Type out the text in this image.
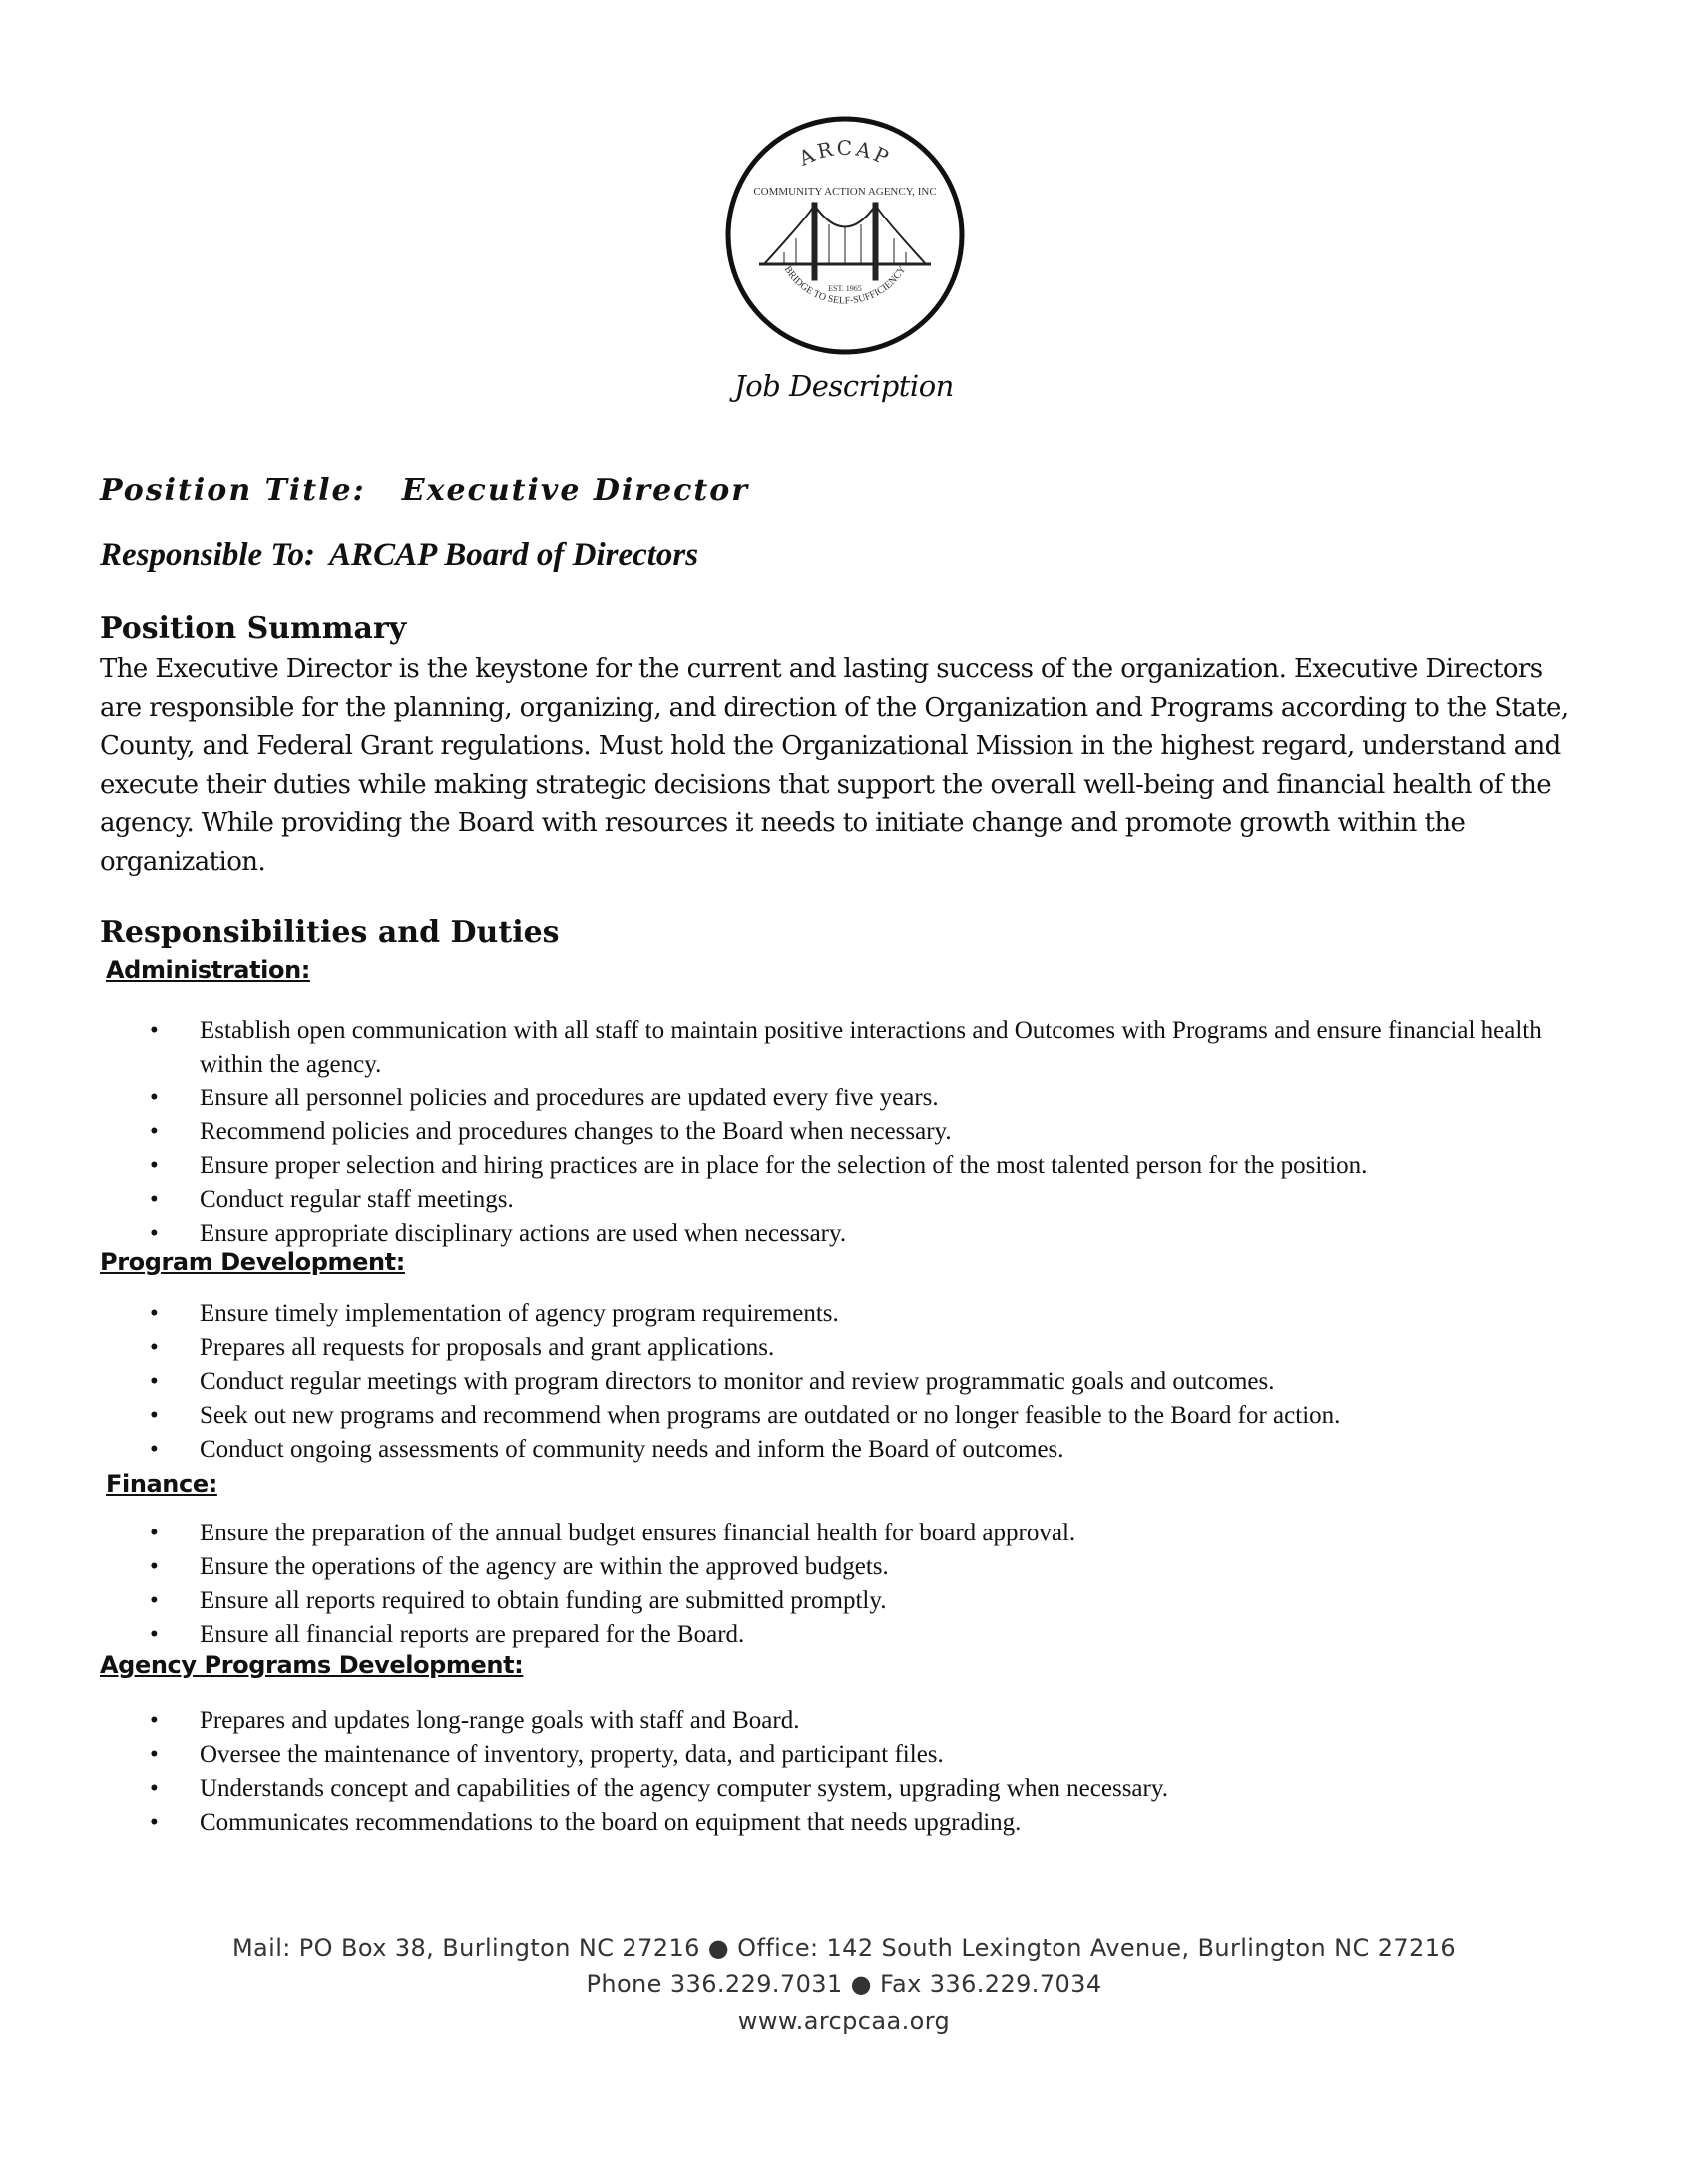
ARCAP
COMMUNITY ACTION AGENCY, INC
EST. 1965
BRIDGE TO SELF-SUFFICIENCY
Job Description
Position Title: Executive Director
Responsible To: ARCAP Board of Directors
Position Summary
The Executive Director is the keystone for the current and lasting success of the organization. Executive Directors
are responsible for the planning, organizing, and direction of the Organization and Programs according to the State,
County, and Federal Grant regulations. Must hold the Organizational Mission in the highest regard, understand and
execute their duties while making strategic decisions that support the overall well-being and financial health of the
agency. While providing the Board with resources it needs to initiate change and promote growth within the
organization.
Responsibilities and Duties
Administration:
• Establish open communication with all staff to maintain positive interactions and Outcomes with Programs and ensure financial health within the agency.
• Ensure all personnel policies and procedures are updated every five years.
• Recommend policies and procedures changes to the Board when necessary.
• Ensure proper selection and hiring practices are in place for the selection of the most talented person for the position.
• Conduct regular staff meetings.
• Ensure appropriate disciplinary actions are used when necessary.
Program Development:
• Ensure timely implementation of agency program requirements.
• Prepares all requests for proposals and grant applications.
• Conduct regular meetings with program directors to monitor and review programmatic goals and outcomes.
• Seek out new programs and recommend when programs are outdated or no longer feasible to the Board for action.
• Conduct ongoing assessments of community needs and inform the Board of outcomes.
Finance:
• Ensure the preparation of the annual budget ensures financial health for board approval.
• Ensure the operations of the agency are within the approved budgets.
• Ensure all reports required to obtain funding are submitted promptly.
• Ensure all financial reports are prepared for the Board.
Agency Programs Development:
• Prepares and updates long-range goals with staff and Board.
• Oversee the maintenance of inventory, property, data, and participant files.
• Understands concept and capabilities of the agency computer system, upgrading when necessary.
• Communicates recommendations to the board on equipment that needs upgrading.
Mail: PO Box 38, Burlington NC 27216 ● Office: 142 South Lexington Avenue, Burlington NC 27216
Phone 336.229.7031 ● Fax 336.229.7034
www.arcpcaa.org
